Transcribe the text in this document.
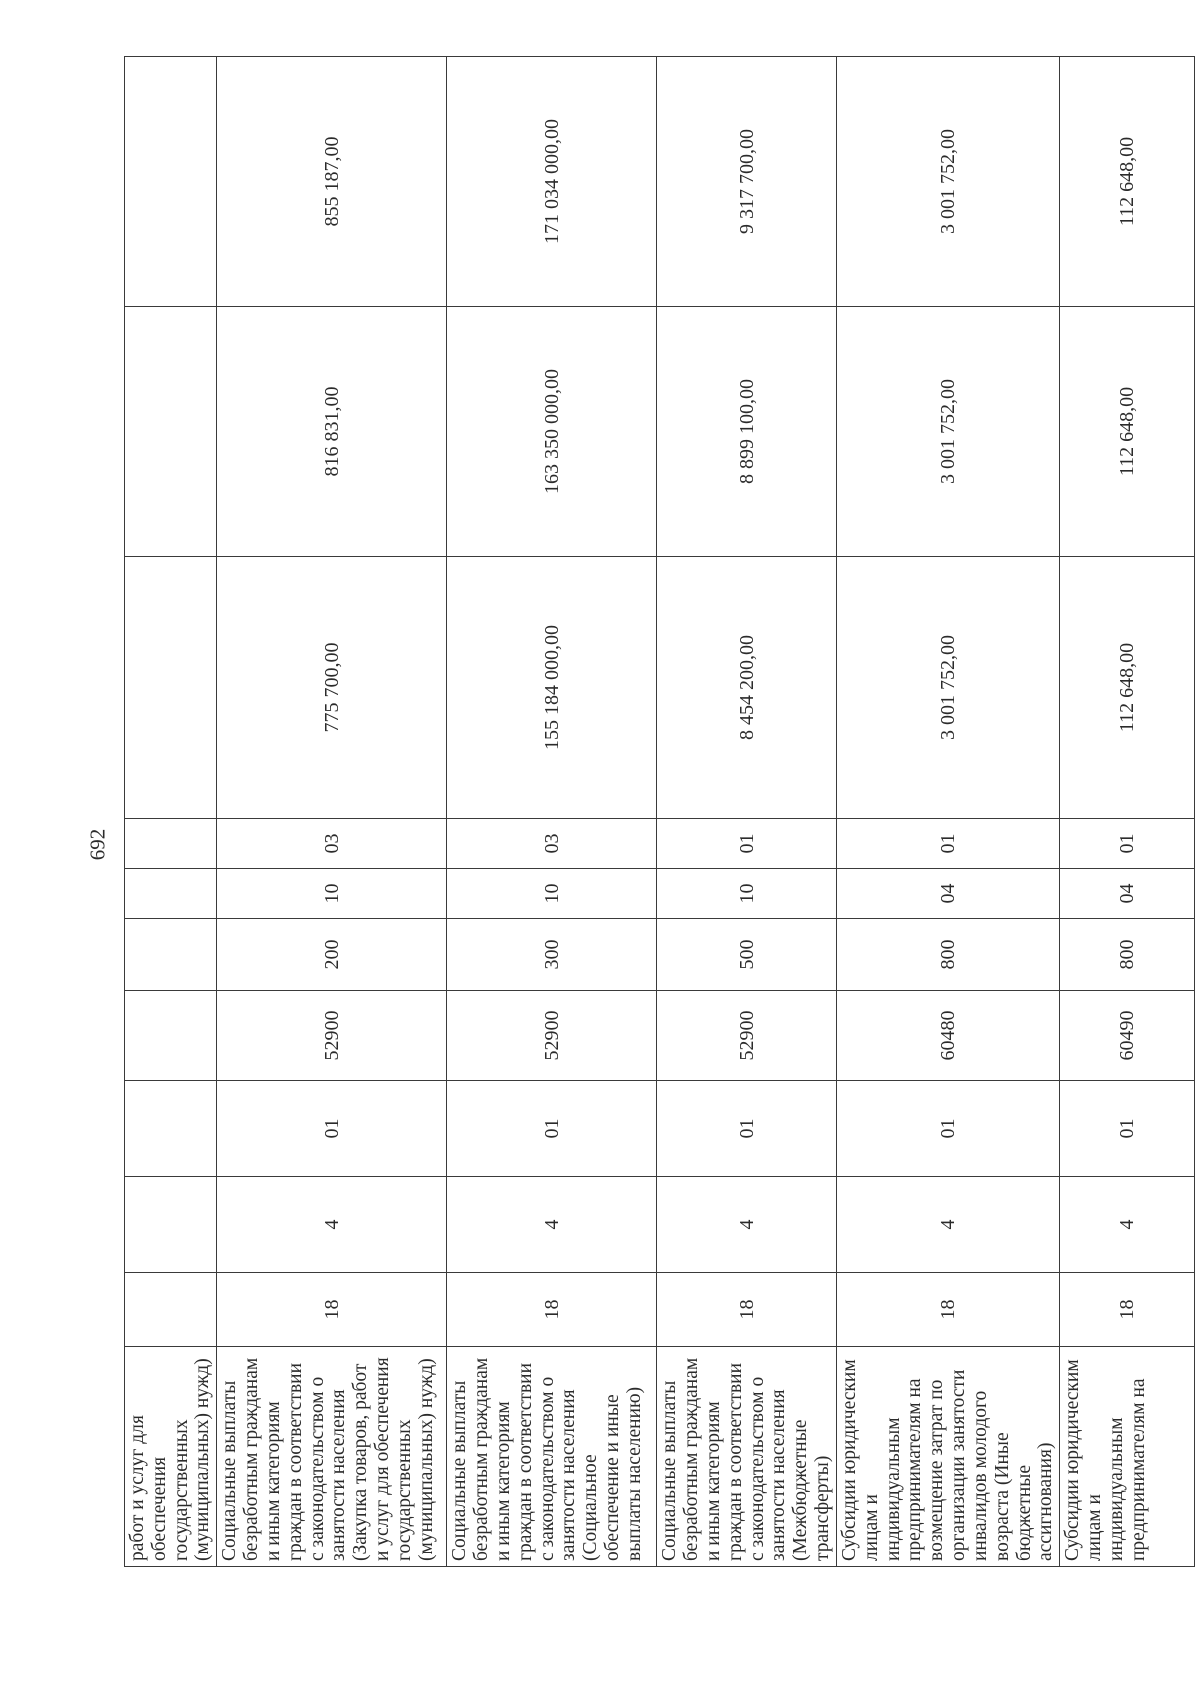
692
работ и услуг для обеспечения государственных (муниципальных) нужд)										
Социальные выплаты безработным гражданам и иным категориям граждан в соответствии с законодательством о занятости населения (Закупка товаров, работ и услуг для обеспечения государственных (муниципальных) нужд)	18	4	01	52900	200	10	03	775 700,00	816 831,00	855 187,00
Социальные выплаты безработным гражданам и иным категориям граждан в соответствии с законодательством о занятости населения (Социальное обеспечение и иные выплаты населению)	18	4	01	52900	300	10	03	155 184 000,00	163 350 000,00	171 034 000,00
Социальные выплаты безработным гражданам и иным категориям граждан в соответствии с законодательством о занятости населения (Межбюджетные трансферты)	18	4	01	52900	500	10	01	8 454 200,00	8 899 100,00	9 317 700,00
Субсидии юридическим лицам и индивидуальным предпринимателям на возмещение затрат по организации занятости инвалидов молодого возраста (Иные бюджетные ассигнования)	18	4	01	60480	800	04	01	3 001 752,00	3 001 752,00	3 001 752,00
Субсидии юридическим лицам и индивидуальным предпринимателям на	18	4	01	60490	800	04	01	112 648,00	112 648,00	112 648,00
